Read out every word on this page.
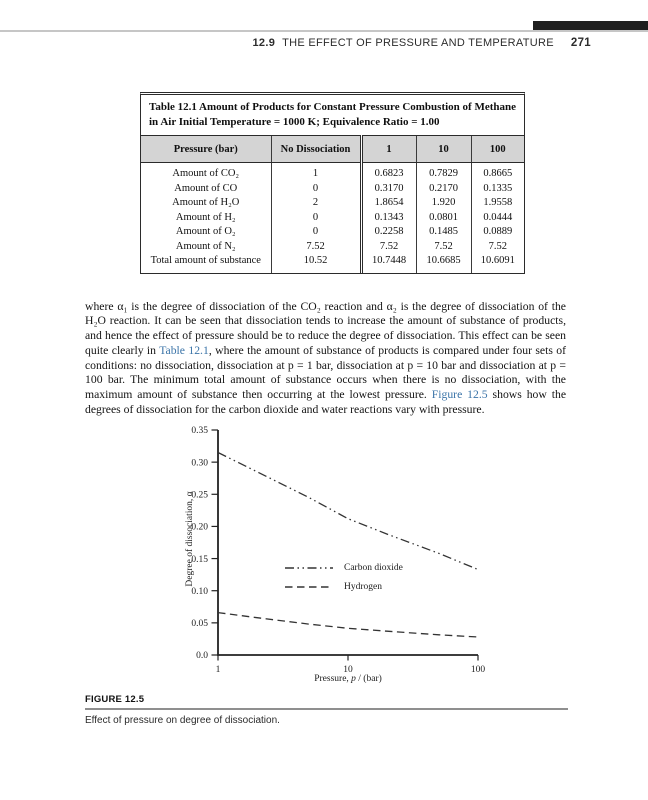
12.9 THE EFFECT OF PRESSURE AND TEMPERATURE 271
Table 12.1 Amount of Products for Constant Pressure Combustion of Methane in Air Initial Temperature = 1000 K; Equivalence Ratio = 1.00
Pressure (bar)	No Dissociation	1	10	100
Amount of CO₂	1	0.6823	0.7829	0.8665
Amount of CO	0	0.3170	0.2170	0.1335
Amount of H₂O	2	1.8654	1.920	1.9558
Amount of H₂	0	0.1343	0.0801	0.0444
Amount of O₂	0	0.2258	0.1485	0.0889
Amount of N₂	7.52	7.52	7.52	7.52
Total amount of substance	10.52	10.7448	10.6685	10.6091

where α₁ is the degree of dissociation of the CO₂ reaction and α₂ is the degree of dissociation of the H₂O reaction. It can be seen that dissociation tends to increase the amount of substance of products, and hence the effect of pressure should be to reduce the degree of dissociation. This effect can be seen quite clearly in Table 12.1, where the amount of substance of products is compared under four sets of conditions: no dissociation, dissociation at p = 1 bar, dissociation at p = 10 bar and dissociation at p = 100 bar. The minimum total amount of substance occurs when there is no dissociation, with the maximum amount of substance then occurring at the lowest pressure. Figure 12.5 shows how the degrees of dissociation for the carbon dioxide and water reactions vary with pressure.

0.0
0.05
0.10
0.15
0.20
0.25
0.30
0.35
1	10	100
Degree of dissociation, α
Pressure, p / (bar)
Carbon dioxide
Hydrogen
FIGURE 12.5
Effect of pressure on degree of dissociation.
